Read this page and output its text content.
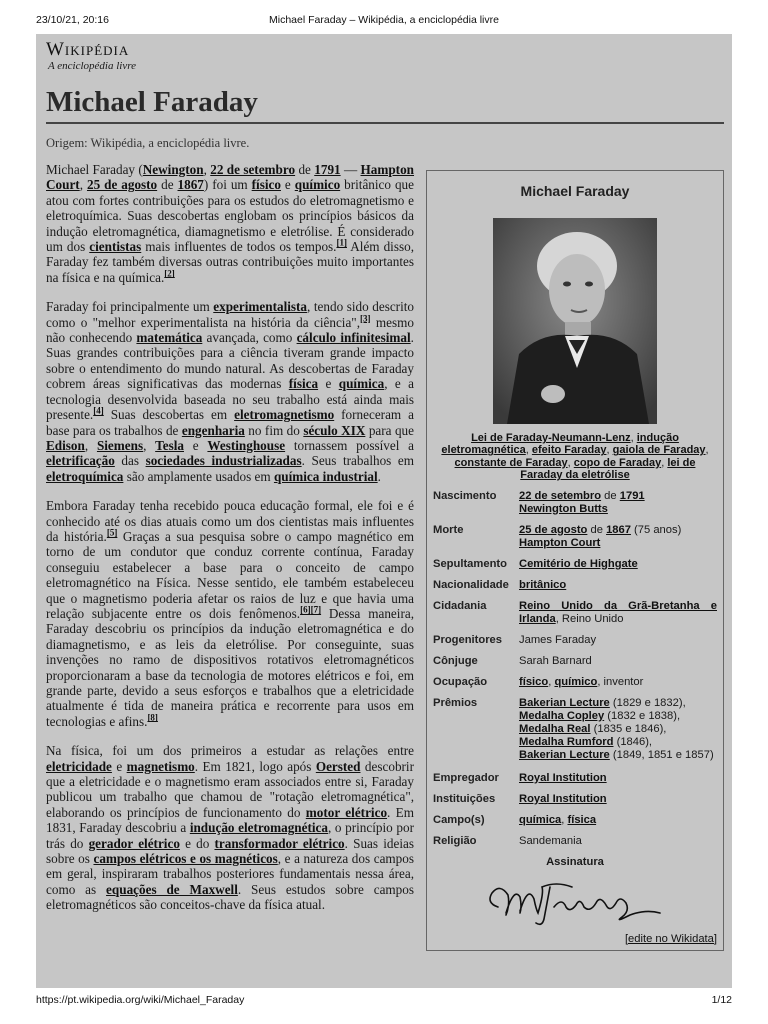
23/10/21, 20:16	Michael Faraday – Wikipédia, a enciclopédia livre
Wikipédia
A enciclopédia livre
Michael Faraday
Origem: Wikipédia, a enciclopédia livre.
Michael Faraday
Lei de Faraday-Neumann-Lenz, indução eletromagnética, efeito Faraday, gaiola de Faraday, constante de Faraday, copo de Faraday, lei de Faraday da eletrólise
Nascimento	22 de setembro de 1791
Newington Butts
Morte	25 de agosto de 1867 (75 anos)
Hampton Court
Sepultamento	Cemitério de Highgate
Nacionalidade britânico
Cidadania	Reino Unido da Grã-Bretanha e Irlanda, Reino Unido
Progenitores	James Faraday
Cônjuge	Sarah Barnard
Ocupação	físico, químico, inventor
Prêmios	Bakerian Lecture (1829 e 1832),
Medalha Copley (1832 e 1838),
Medalha Real (1835 e 1846),
Medalha Rumford (1846),
Bakerian Lecture (1849, 1851 e 1857)
Empregador	Royal Institution
Instituições	Royal Institution
Campo(s)	química, física
Religião	Sandemania
Assinatura
[edite no Wikidata]

Michael Faraday (Newington, 22 de setembro de 1791 — Hampton Court, 25 de agosto de 1867) foi um físico e químico britânico que atou com fortes contribuições para os estudos do eletromagnetismo e eletroquímica. Suas descobertas englobam os princípios básicos da indução eletromagnética, diamagnetismo e eletrólise. É considerado um dos cientistas mais influentes de todos os tempos.[1] Além disso, Faraday fez também diversas outras contribuições muito importantes na física e na química.[2]

Faraday foi principalmente um experimentalista, tendo sido descrito como o "melhor experimentalista na história da ciência",[3] mesmo não conhecendo matemática avançada, como cálculo infinitesimal. Suas grandes contribuições para a ciência tiveram grande impacto sobre o entendimento do mundo natural. As descobertas de Faraday cobrem áreas significativas das modernas física e química, e a tecnologia desenvolvida baseada no seu trabalho está ainda mais presente.[4] Suas descobertas em eletromagnetismo forneceram a base para os trabalhos de engenharia no fim do século XIX para que Edison, Siemens, Tesla e Westinghouse tornassem possível a eletrificação das sociedades industrializadas. Seus trabalhos em eletroquímica são amplamente usados em química industrial.

Embora Faraday tenha recebido pouca educação formal, ele foi e é conhecido até os dias atuais como um dos cientistas mais influentes da história.[5] Graças a sua pesquisa sobre o campo magnético em torno de um condutor que conduz corrente contínua, Faraday conseguiu estabelecer a base para o conceito de campo eletromagnético na Física. Nesse sentido, ele também estabeleceu que o magnetismo poderia afetar os raios de luz e que havia uma relação subjacente entre os dois fenômenos.[6][7] Dessa maneira, Faraday descobriu os princípios da indução eletromagnética e do diamagnetismo, e as leis da eletrólise. Por conseguinte, suas invenções no ramo de dispositivos rotativos eletromagnéticos proporcionaram a base da tecnologia de motores elétricos e foi, em grande parte, devido a seus esforços e trabalhos que a eletricidade atualmente é tida de maneira prática e recorrente para usos em tecnologias e afins.[8]

Na física, foi um dos primeiros a estudar as relações entre eletricidade e magnetismo. Em 1821, logo após Oersted descobrir que a eletricidade e o magnetismo eram associados entre si, Faraday publicou um trabalho que chamou de "rotação eletromagnética", elaborando os princípios de funcionamento do motor elétrico. Em 1831, Faraday descobriu a indução eletromagnética, o princípio por trás do gerador elétrico e do transformador elétrico. Suas ideias sobre os campos elétricos e os magnéticos, e a natureza dos campos em geral, inspiraram trabalhos posteriores fundamentais nessa área, como as equações de Maxwell. Seus estudos sobre campos eletromagnéticos são conceitos-chave da física atual.

https://pt.wikipedia.org/wiki/Michael_Faraday	1/12
